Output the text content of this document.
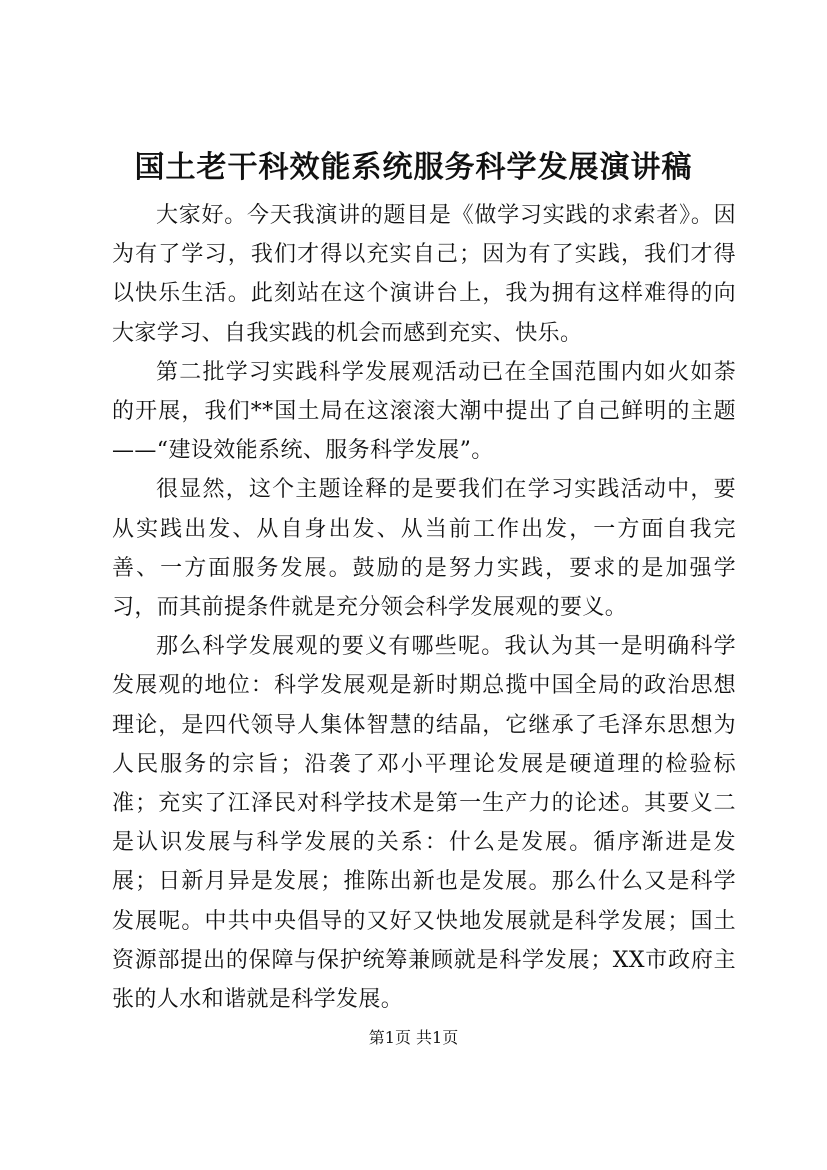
国土老干科效能系统服务科学发展演讲稿

大家好。今天我演讲的题目是《做学习实践的求索者》。因为有了学习，我们才得以充实自己；因为有了实践，我们才得以快乐生活。此刻站在这个演讲台上，我为拥有这样难得的向大家学习、自我实践的机会而感到充实、快乐。

第二批学习实践科学发展观活动已在全国范围内如火如荼的开展，我们**国土局在这滚滚大潮中提出了自己鲜明的主题——“建设效能系统、服务科学发展”。

很显然，这个主题诠释的是要我们在学习实践活动中，要从实践出发、从自身出发、从当前工作出发，一方面自我完善、一方面服务发展。鼓励的是努力实践，要求的是加强学习，而其前提条件就是充分领会科学发展观的要义。

那么科学发展观的要义有哪些呢。我认为其一是明确科学发展观的地位：科学发展观是新时期总揽中国全局的政治思想理论，是四代领导人集体智慧的结晶，它继承了毛泽东思想为人民服务的宗旨；沿袭了邓小平理论发展是硬道理的检验标准；充实了江泽民对科学技术是第一生产力的论述。其要义二是认识发展与科学发展的关系：什么是发展。循序渐进是发展；日新月异是发展；推陈出新也是发展。那么什么又是科学发展呢。中共中央倡导的又好又快地发展就是科学发展；国土资源部提出的保障与保护统筹兼顾就是科学发展；XX市政府主张的人水和谐就是科学发展。

第1页 共1页
